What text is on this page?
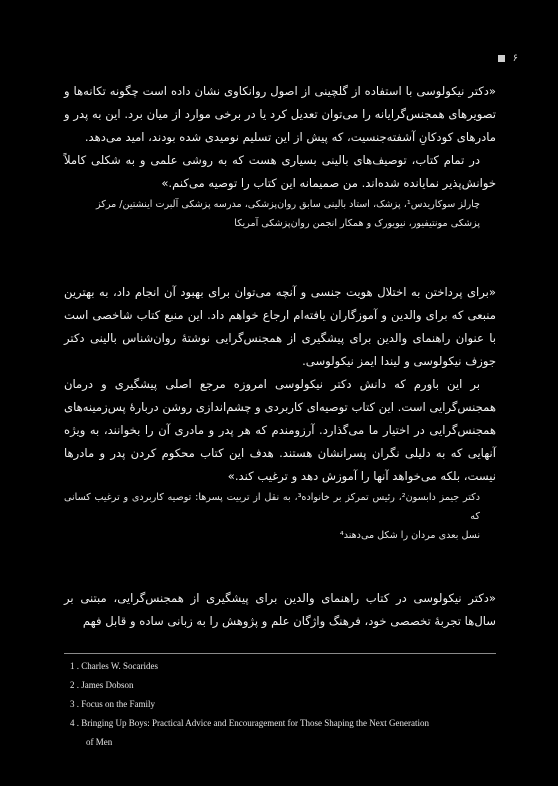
۶

«دکتر نیکولوسی با استفاده از گلچینی از اصول روانکاوی نشان داده است چگونه تکانه‌ها و تصویرهای همجنس‌گرایانه را می‌توان تعدیل کرد یا در برخی موارد از میان برد. این به پدر و مادرهای کودکانِ آشفته‌جنسیت، که پیش از این تسلیم نومیدی شده بودند، امید می‌دهد.

در تمام کتاب، توصیف‌های بالینی بسیاری هست که به روشی علمی و به شکلی کاملاً خوانش‌پذیر نمایانده شده‌اند. من صمیمانه این کتاب را توصیه می‌کنم.»

چارلز سوکاریدس¹، پزشک، استاد بالینی سابق روان‌پزشکی، مدرسه پزشکی آلبرت اینشتین/ مرکز
پزشکی مونتیفیور، نیویورک و همکار انجمن روان‌پزشکی آمریکا

«برای پرداختن به اختلال هویت جنسی و آنچه می‌توان برای بهبود آن انجام داد، به بهترین منبعی که برای والدین و آموزگاران یافته‌ام ارجاع خواهم داد. این منبع کتاب شاخصی است با عنوان راهنمای والدین برای پیشگیری از همجنس‌گرایی نوشتهٔ روان‌شناس بالینی دکتر جوزف نیکولوسی و لیندا ایمز نیکولوسی.

بر این باورم که دانش دکتر نیکولوسی امروزه مرجع اصلی پیشگیری و درمان همجنس‌گرایی است. این کتاب توصیه‌ای کاربردی و چشم‌اندازی روشن دربارهٔ پس‌زمینه‌های همجنس‌گرایی در اختیار ما می‌گذارد. آرزومندم که هر پدر و مادری آن را بخوانند، به ویژه آنهایی که به دلیلی نگران پسرانشان هستند. هدف این کتاب محکوم کردن پدر و مادرها نیست، بلکه می‌خواهد آنها را آموزش دهد و ترغیب کند.»

دکتر جیمز دابسون²، رئیس تمرکز بر خانواده³، به نقل از تربیت پسرها: توصیه کاربردی و ترغیب کسانی که
نسل بعدی مردان را شکل می‌دهند⁴

«دکتر نیکولوسی در کتاب راهنمای والدین برای پیشگیری از همجنس‌گرایی، مبتنی بر سال‌ها تجربهٔ تخصصی خود، فرهنگ واژگان علم و پژوهش را به زبانی ساده و قابل فهم

1 . Charles W. Socarides
2 . James Dobson
3 . Focus on the Family
4 . Bringing Up Boys: Practical Advice and Encouragement for Those Shaping the Next Generation
of Men
